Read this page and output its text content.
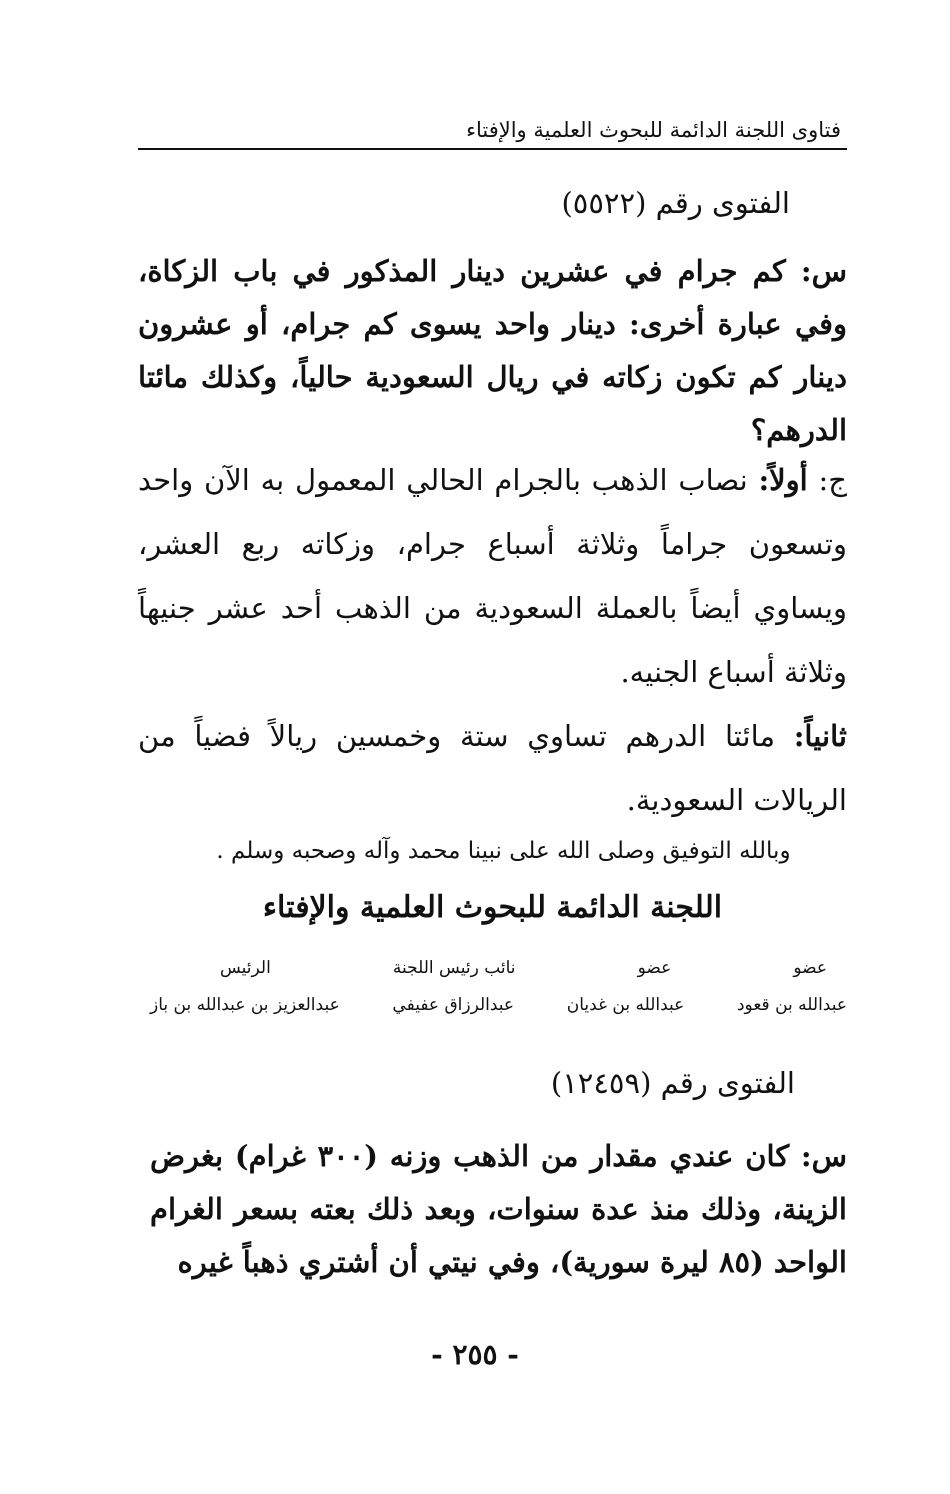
فتاوى اللجنة الدائمة للبحوث العلمية والإفتاء
الفتوى رقم (٥٥٢٢)
س: كم جرام في عشرين دينار المذكور في باب الزكاة، وفي عبارة أخرى: دينار واحد يسوى كم جرام، أو عشرون دينار كم تكون زكاته في ريال السعودية حالياً، وكذلك مائتا الدرهم؟
ج: أولاً: نصاب الذهب بالجرام الحالي المعمول به الآن واحد وتسعون جراماً وثلاثة أسباع جرام، وزكاته ربع العشر، ويساوي أيضاً بالعملة السعودية من الذهب أحد عشر جنيهاً وثلاثة أسباع الجنيه.
ثانياً: مائتا الدرهم تساوي ستة وخمسين ريالاً فضياً من الريالات السعودية.
وبالله التوفيق وصلى الله على نبينا محمد وآله وصحبه وسلم .
اللجنة الدائمة للبحوث العلمية والإفتاء
عضو
عضو
نائب رئيس اللجنة
الرئيس
عبدالله بن قعود
عبدالله بن غديان
عبدالرزاق عفيفي
عبدالعزيز بن عبدالله بن باز
الفتوى رقم (١٢٤٥٩)
س: كان عندي مقدار من الذهب وزنه (٣٠٠ غرام) بغرض الزينة، وذلك منذ عدة سنوات، وبعد ذلك بعته بسعر الغرام الواحد (٨٥ ليرة سورية)، وفي نيتي أن أشتري ذهباً غيره
- ٢٥٥ -
